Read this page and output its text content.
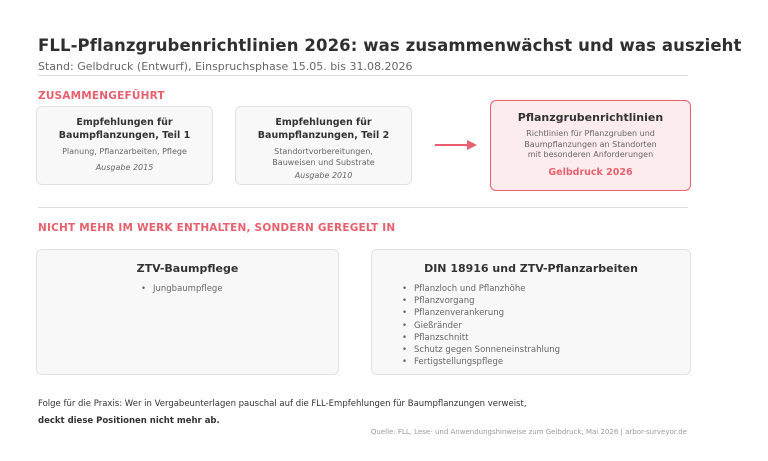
FLL-Pflanzgrubenrichtlinien 2026: was zusammenwächst und was auszieht
Stand: Gelbdruck (Entwurf), Einspruchsphase 15.05. bis 31.08.2026
ZUSAMMENGEFÜHRT
Empfehlungen für
Baumpflanzungen, Teil 1
Planung, Pflanzarbeiten, Pflege
Ausgabe 2015
Empfehlungen für
Baumpflanzungen, Teil 2
Standortvorbereitungen,
Bauweisen und Substrate
Ausgabe 2010
Pflanzgrubenrichtlinien
Richtlinien für Pflanzgruben und
Baumpflanzungen an Standorten
mit besonderen Anforderungen
Gelbdruck 2026
NICHT MEHR IM WERK ENTHALTEN, SONDERN GEREGELT IN
ZTV-Baumpflege
• Jungbaumpflege
DIN 18916 und ZTV-Pflanzarbeiten
• Pflanzloch und Pflanzhöhe
• Pflanzvorgang
• Pflanzenverankerung
• Gießränder
• Pflanzschnitt
• Schutz gegen Sonneneinstrahlung
• Fertigstellungspflege
Folge für die Praxis: Wer in Vergabeunterlagen pauschal auf die FLL-Empfehlungen für Baumpflanzungen verweist,
deckt diese Positionen nicht mehr ab.
Quelle: FLL, Lese- und Anwendungshinweise zum Gelbdruck, Mai 2026 | arbor-surveyor.de
